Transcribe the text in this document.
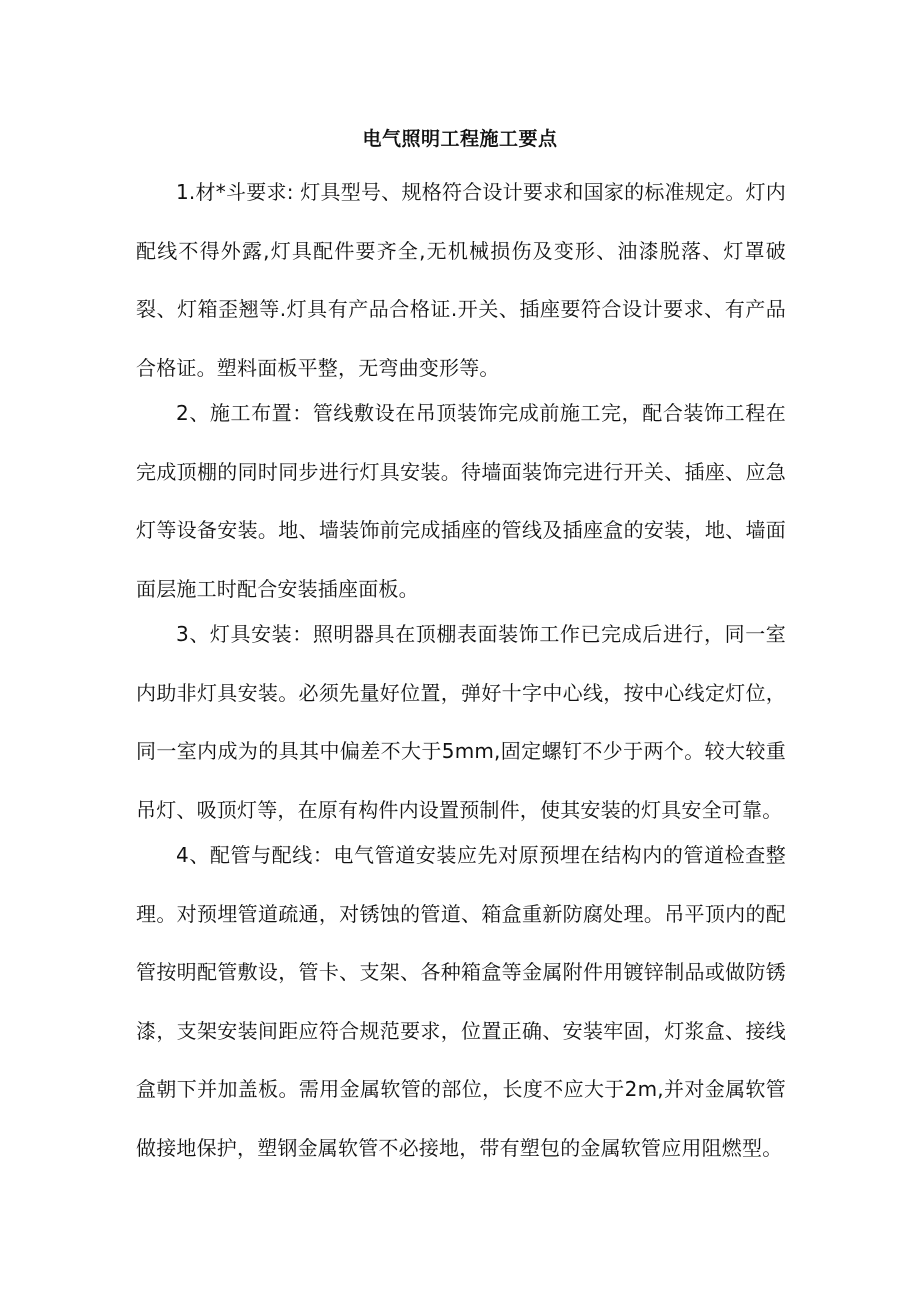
电气照明工程施工要点

1.材*斗要求: 灯具型号、规格符合设计要求和国家的标准规定。灯内配线不得外露,灯具配件要齐全,无机械损伤及变形、油漆脱落、灯罩破裂、灯箱歪翘等.灯具有产品合格证.开关、插座要符合设计要求、有产品合格证。塑料面板平整，无弯曲变形等。

2、施工布置：管线敷设在吊顶装饰完成前施工完，配合装饰工程在完成顶棚的同时同步进行灯具安装。待墙面装饰完进行开关、插座、应急灯等设备安装。地、墙装饰前完成插座的管线及插座盒的安装，地、墙面面层施工时配合安装插座面板。

3、灯具安装：照明器具在顶棚表面装饰工作已完成后进行，同一室内助非灯具安装。必须先量好位置，弹好十字中心线，按中心线定灯位，同一室内成为的具其中偏差不大于5mm,固定螺钉不少于两个。较大较重吊灯、吸顶灯等，在原有构件内设置预制件，使其安装的灯具安全可靠。

4、配管与配线：电气管道安装应先对原预埋在结构内的管道检查整理。对预埋管道疏通，对锈蚀的管道、箱盒重新防腐处理。吊平顶内的配管按明配管敷设，管卡、支架、各种箱盒等金属附件用镀锌制品或做防锈漆，支架安装间距应符合规范要求，位置正确、安装牢固，灯浆盒、接线盒朝下并加盖板。需用金属软管的部位，长度不应大于2m,并对金属软管做接地保护，塑钢金属软管不必接地，带有塑包的金属软管应用阻燃型。
